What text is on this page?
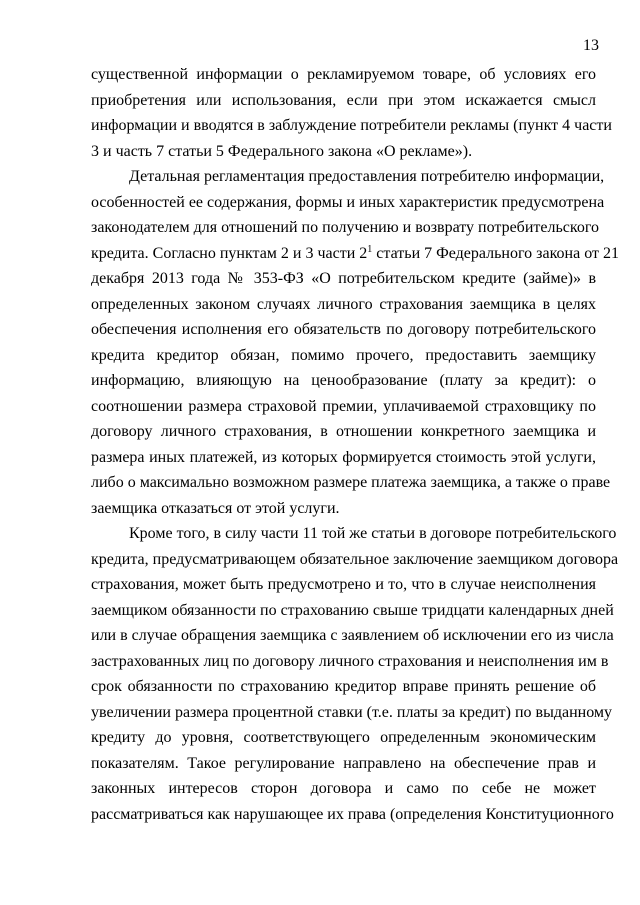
13
существенной информации о рекламируемом товаре, об условиях его
приобретения или использования, если при этом искажается смысл
информации и вводятся в заблуждение потребители рекламы (пункт 4 части
3 и часть 7 статьи 5 Федерального закона «О рекламе»).
Детальная регламентация предоставления потребителю информации,
особенностей ее содержания, формы и иных характеристик предусмотрена
законодателем для отношений по получению и возврату потребительского
кредита. Согласно пунктам 2 и 3 части $2^1$ статьи 7 Федерального закона от 21
декабря 2013 года № 353-ФЗ «О потребительском кредите (займе)» в
определенных законом случаях личного страхования заемщика в целях
обеспечения исполнения его обязательств по договору потребительского
кредита кредитор обязан, помимо прочего, предоставить заемщику
информацию, влияющую на ценообразование (плату за кредит): о
соотношении размера страховой премии, уплачиваемой страховщику по
договору личного страхования, в отношении конкретного заемщика и
размера иных платежей, из которых формируется стоимость этой услуги,
либо о максимально возможном размере платежа заемщика, а также о праве
заемщика отказаться от этой услуги.
Кроме того, в силу части 11 той же статьи в договоре потребительского
кредита, предусматривающем обязательное заключение заемщиком договора
страхования, может быть предусмотрено и то, что в случае неисполнения
заемщиком обязанности по страхованию свыше тридцати календарных дней
или в случае обращения заемщика с заявлением об исключении его из числа
застрахованных лиц по договору личного страхования и неисполнения им в
срок обязанности по страхованию кредитор вправе принять решение об
увеличении размера процентной ставки (т.е. платы за кредит) по выданному
кредиту до уровня, соответствующего определенным экономическим
показателям. Такое регулирование направлено на обеспечение прав и
законных интересов сторон договора и само по себе не может
рассматриваться как нарушающее их права (определения Конституционного
